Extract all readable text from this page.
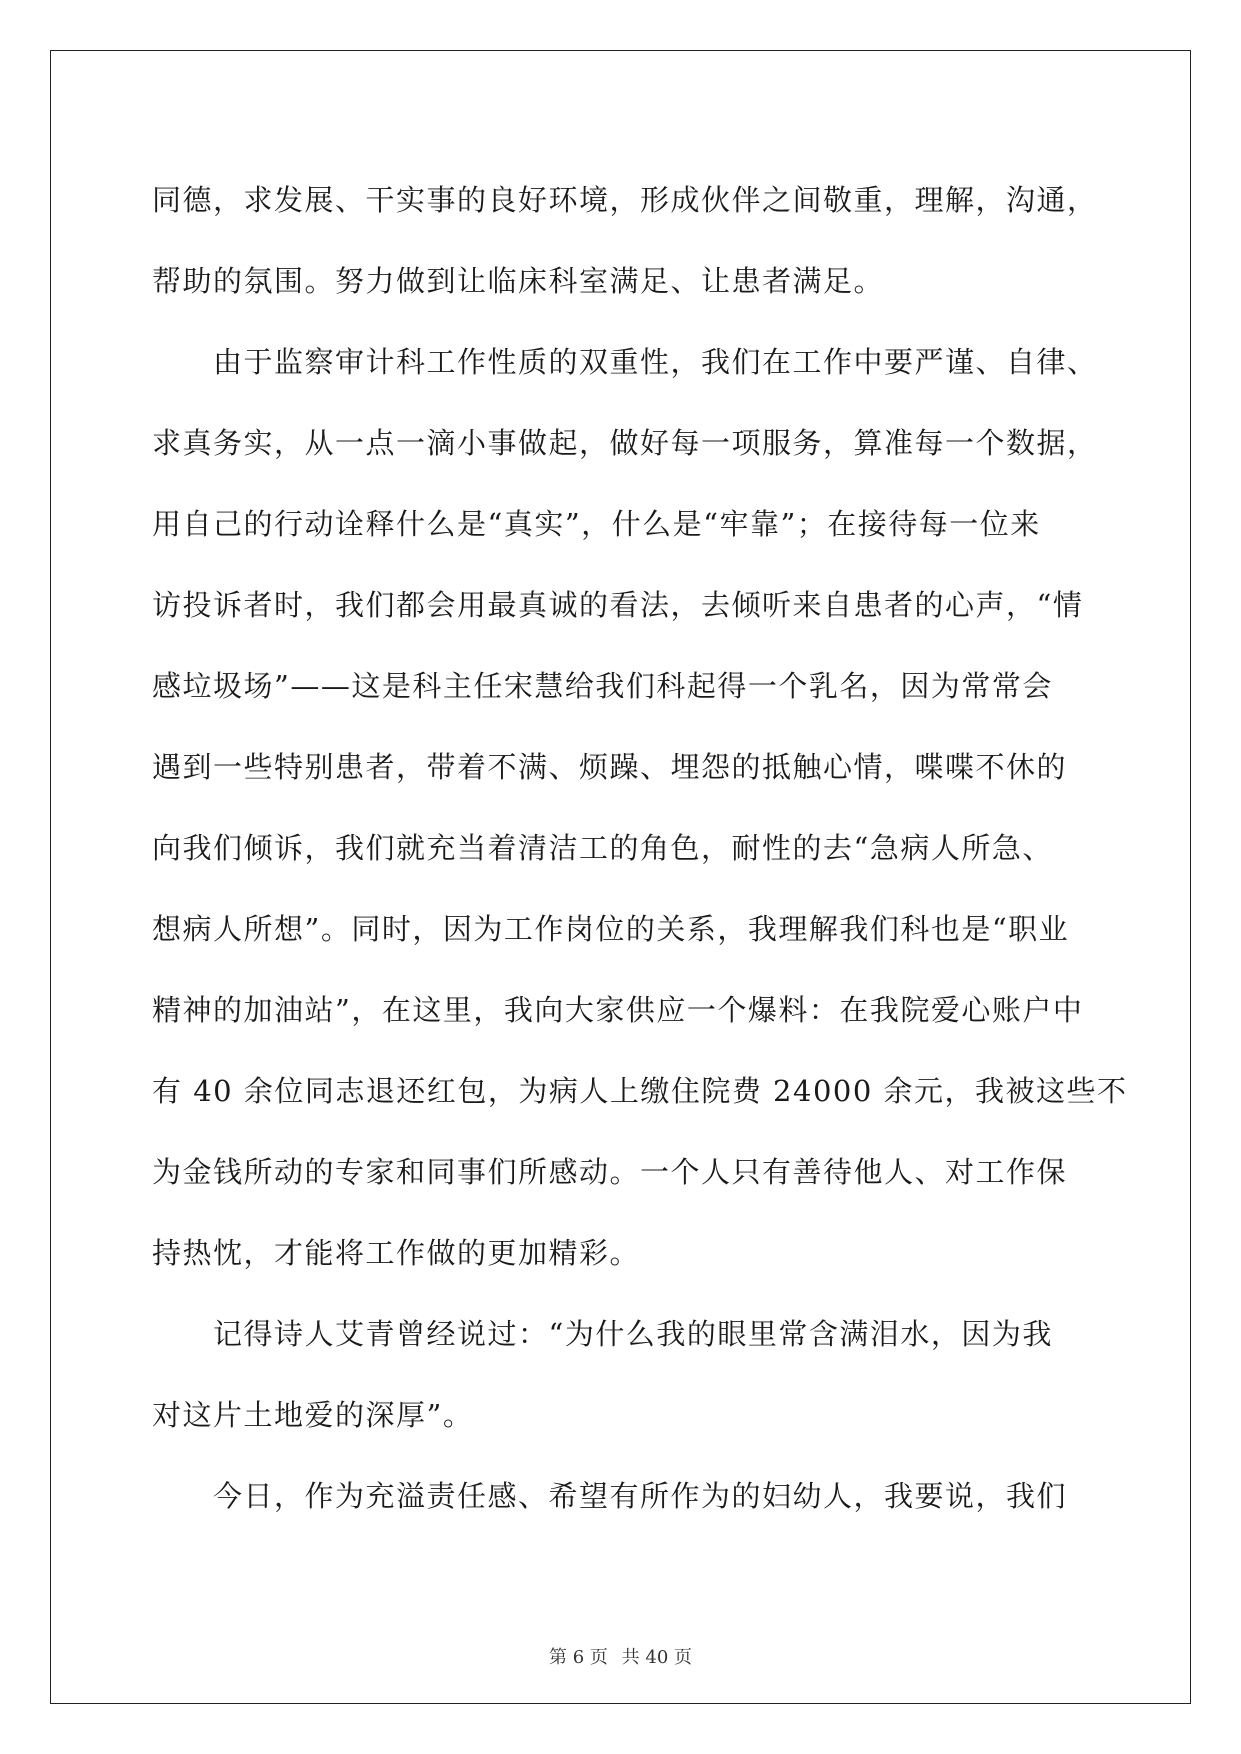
同德，求发展、干实事的良好环境，形成伙伴之间敬重，理解，沟通，
帮助的氛围。努力做到让临床科室满足、让患者满足。

　　由于监察审计科工作性质的双重性，我们在工作中要严谨、自律、
求真务实，从一点一滴小事做起，做好每一项服务，算准每一个数据，
用自己的行动诠释什么是“真实”，什么是“牢靠”；在接待每一位来
访投诉者时，我们都会用最真诚的看法，去倾听来自患者的心声，“情
感垃圾场”——这是科主任宋慧给我们科起得一个乳名，因为常常会
遇到一些特别患者，带着不满、烦躁、埋怨的抵触心情，喋喋不休的
向我们倾诉，我们就充当着清洁工的角色，耐性的去“急病人所急、
想病人所想”。同时，因为工作岗位的关系，我理解我们科也是“职业
精神的加油站”，在这里，我向大家供应一个爆料：在我院爱心账户中
有 40 余位同志退还红包，为病人上缴住院费 24000 余元，我被这些不
为金钱所动的专家和同事们所感动。一个人只有善待他人、对工作保
持热忱，才能将工作做的更加精彩。

　　记得诗人艾青曾经说过：“为什么我的眼里常含满泪水，因为我
对这片土地爱的深厚”。

　　今日，作为充溢责任感、希望有所作为的妇幼人，我要说，我们

第 6 页 共 40 页
